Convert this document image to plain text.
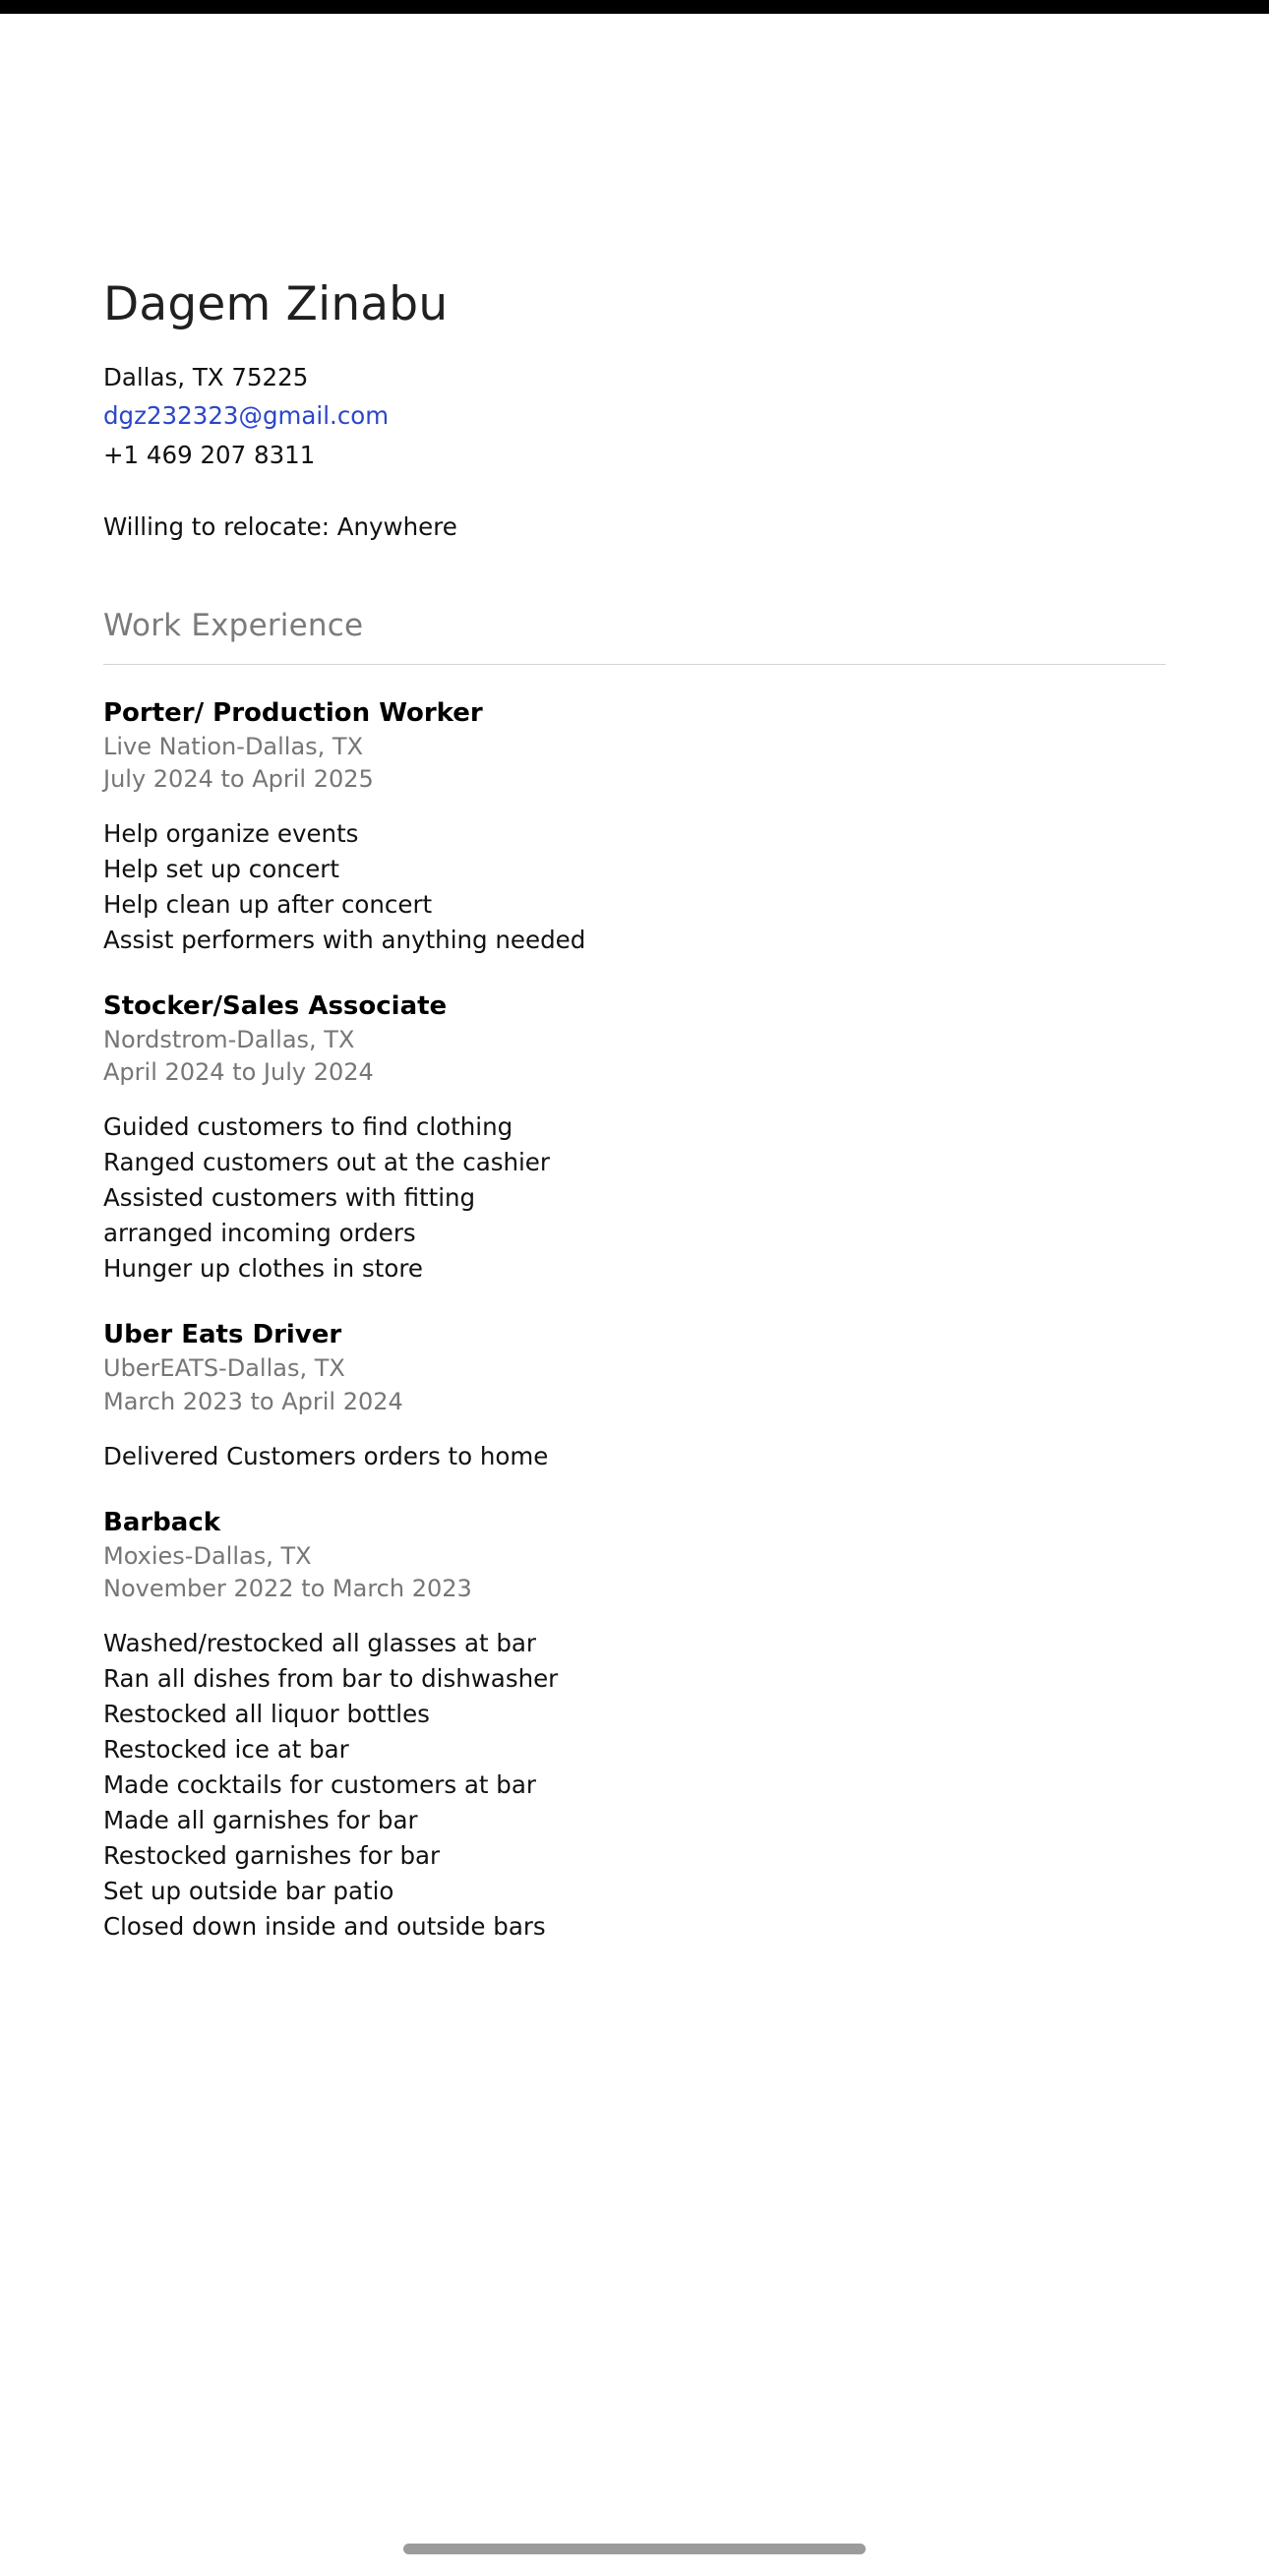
Dagem Zinabu
Dallas, TX 75225
dgz232323@gmail.com
+1 469 207 8311
Willing to relocate: Anywhere
Work Experience
Porter/ Production Worker
Live Nation-Dallas, TX
July 2024 to April 2025
Help organize events
Help set up concert
Help clean up after concert
Assist performers with anything needed
Stocker/Sales Associate
Nordstrom-Dallas, TX
April 2024 to July 2024
Guided customers to find clothing
Ranged customers out at the cashier
Assisted customers with fitting
arranged incoming orders
Hunger up clothes in store
Uber Eats Driver
UberEATS-Dallas, TX
March 2023 to April 2024
Delivered Customers orders to home
Barback
Moxies-Dallas, TX
November 2022 to March 2023
Washed/restocked all glasses at bar
Ran all dishes from bar to dishwasher
Restocked all liquor bottles
Restocked ice at bar
Made cocktails for customers at bar
Made all garnishes for bar
Restocked garnishes for bar
Set up outside bar patio
Closed down inside and outside bars
